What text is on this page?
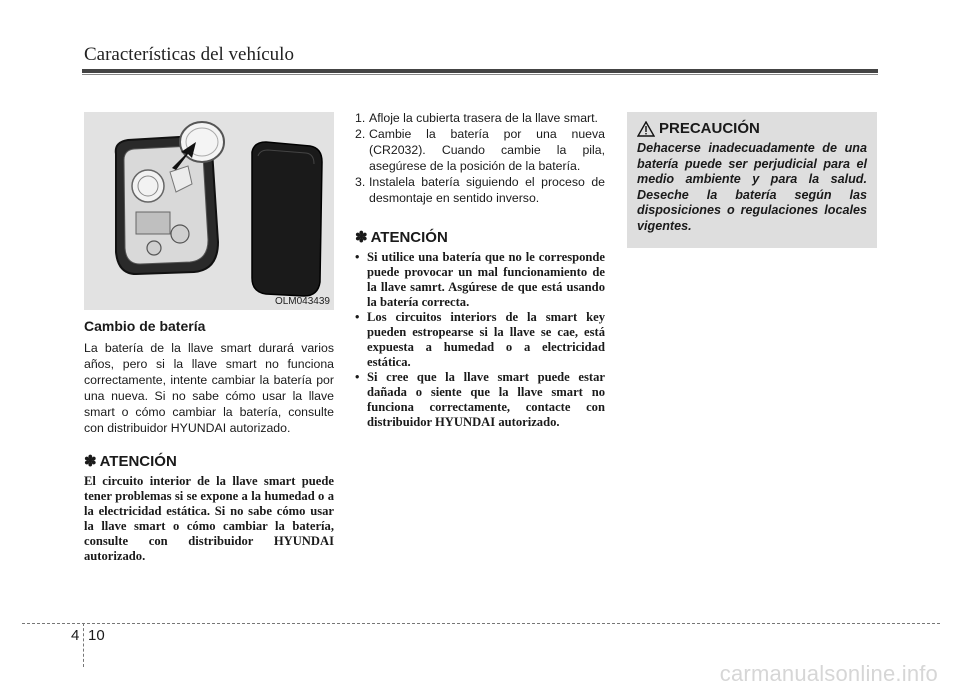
Características del vehículo
OLM043439
Cambio de batería

La batería de la llave smart durará varios años, pero si la llave smart no funciona correctamente, intente cambiar la batería por una nueva. Si no sabe cómo usar la llave smart o cómo cambiar la batería, consulte con distribuidor HYUNDAI autorizado.

✽ ATENCIÓN

El circuito interior de la llave smart puede tener problemas si se expone a la humedad o a la electricidad estática. Si no sabe cómo usar la llave smart o cómo cambiar la batería, consulte con distribuidor HYUNDAI autorizado.

1. Afloje la cubierta trasera de la llave smart.
2. Cambie la batería por una nueva (CR2032). Cuando cambie la pila, asegúrese de la posición de la batería.
3. Instalela batería siguiendo el proceso de desmontaje en sentido inverso.
✽ ATENCIÓN
• Si utilice una batería que no le corresponde puede provocar un mal funcionamiento de la llave samrt. Asgúrese de que está usando la batería correcta.
• Los circuitos interiors de la smart key pueden estropearse si la llave se cae, está expuesta a humedad o a electricidad estática.
• Si cree que la llave smart puede estar dañada o siente que la llave smart no funciona correctamente, contacte con distribuidor HYUNDAI autorizado.
PRECAUCIÓN

Dehacerse inadecuadamente de una batería puede ser perjudicial para el medio ambiente y para la salud. Deseche la batería según las disposiciones o regulaciones locales vigentes.

4 10
carmanualsonline.info
